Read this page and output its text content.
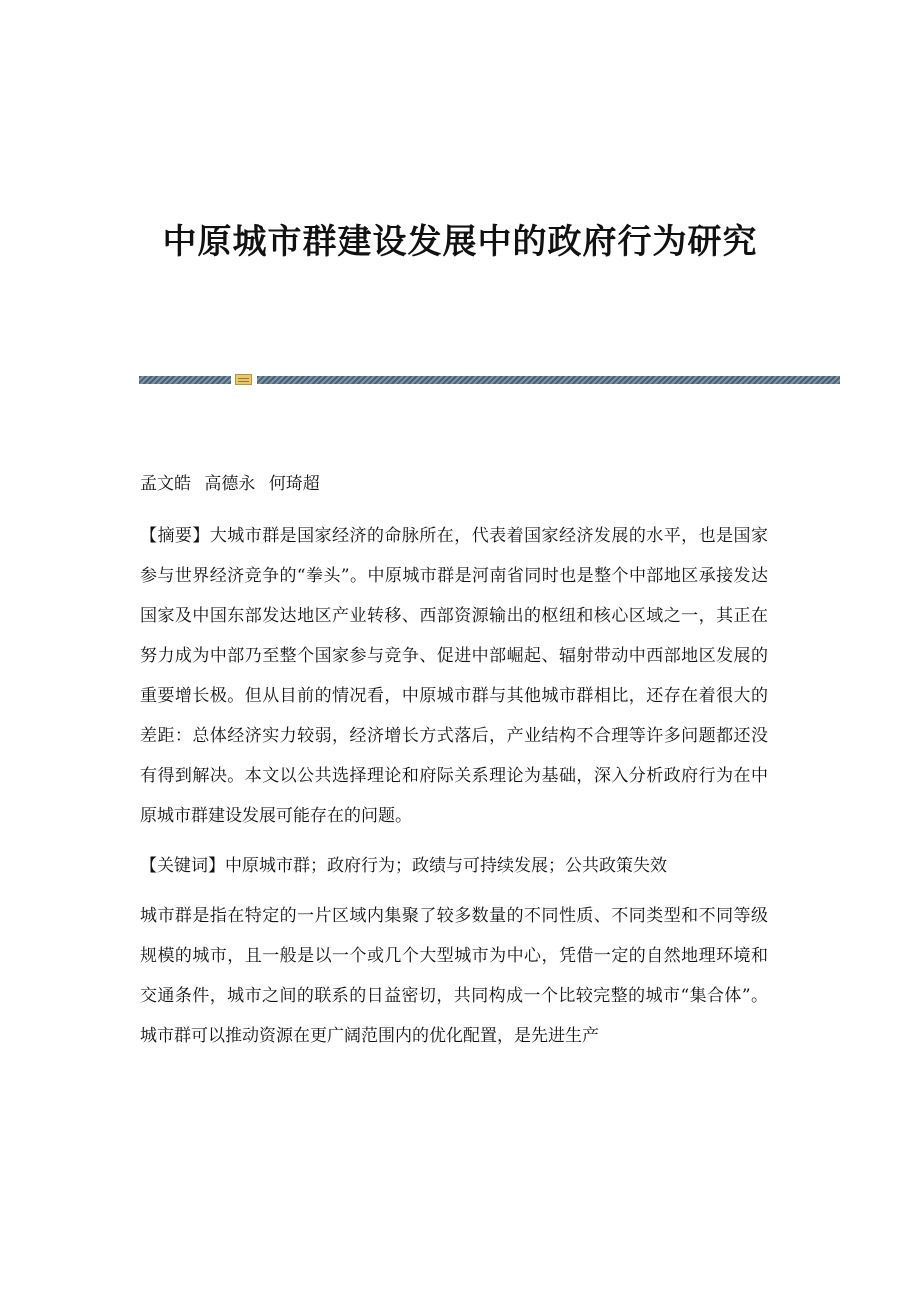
中原城市群建设发展中的政府行为研究

孟文皓 高德永 何琦超

【摘要】大城市群是国家经济的命脉所在，代表着国家经济发展的水平，也是国家参与世界经济竞争的“拳头”。中原城市群是河南省同时也是整个中部地区承接发达国家及中国东部发达地区产业转移、西部资源输出的枢纽和核心区域之一，其正在努力成为中部乃至整个国家参与竞争、促进中部崛起、辐射带动中西部地区发展的重要增长极。但从目前的情况看，中原城市群与其他城市群相比，还存在着很大的差距：总体经济实力较弱，经济增长方式落后，产业结构不合理等许多问题都还没有得到解决。本文以公共选择理论和府际关系理论为基础，深入分析政府行为在中原城市群建设发展可能存在的问题。

【关键词】中原城市群；政府行为；政绩与可持续发展；公共政策失效

城市群是指在特定的一片区域内集聚了较多数量的不同性质、不同类型和不同等级规模的城市，且一般是以一个或几个大型城市为中心，凭借一定的自然地理环境和交通条件，城市之间的联系的日益密切，共同构成一个比较完整的城市“集合体”。城市群可以推动资源在更广阔范围内的优化配置，是先进生产
